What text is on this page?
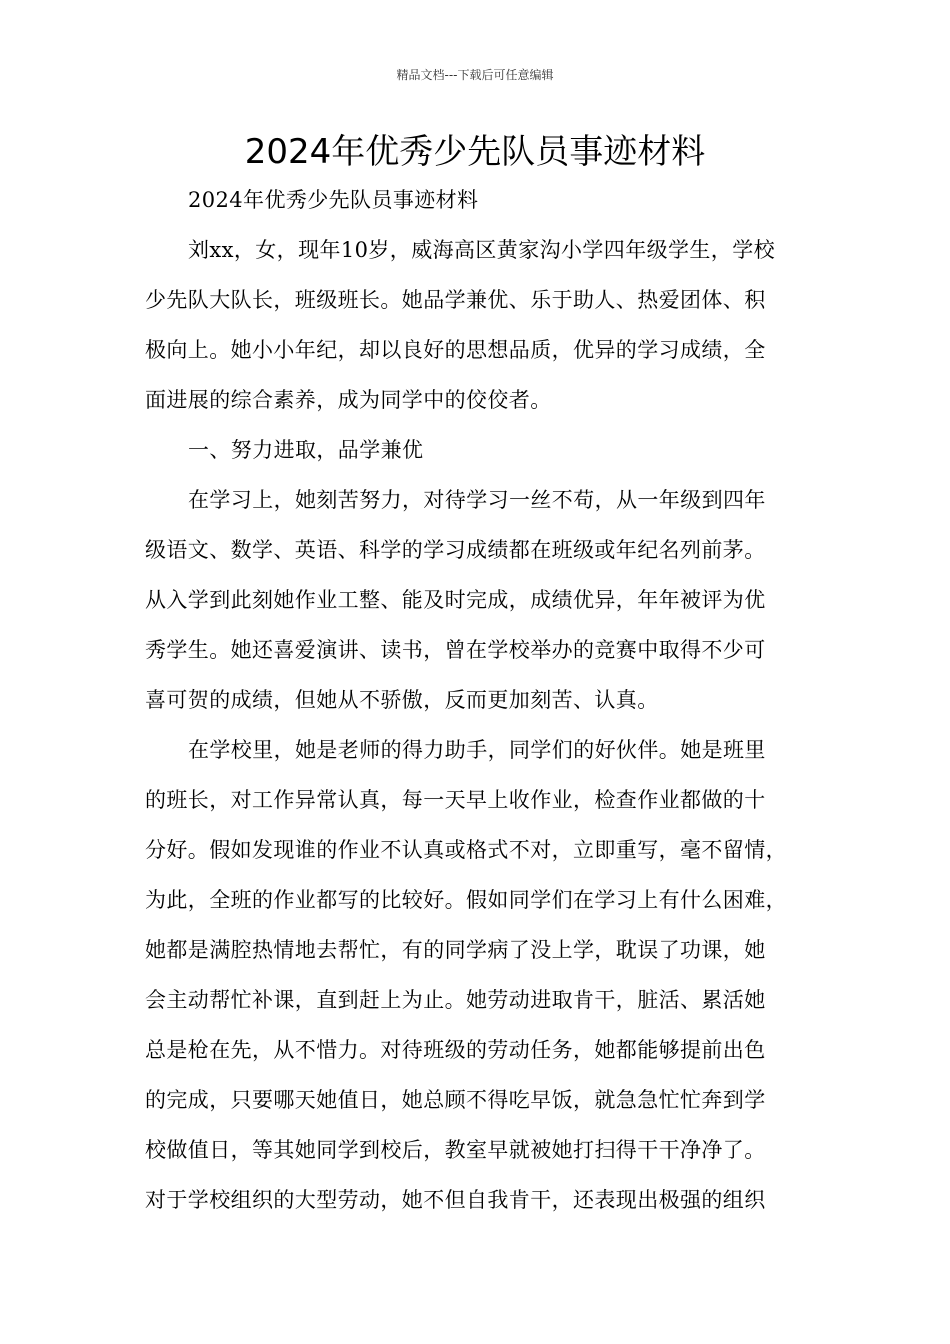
精品文档---下载后可任意编辑
2024年优秀少先队员事迹材料
2024年优秀少先队员事迹材料
刘xx，女，现年10岁，威海高区黄家沟小学四年级学生，学校
少先队大队长，班级班长。她品学兼优、乐于助人、热爱团体、积
极向上。她小小年纪，却以良好的思想品质，优异的学习成绩，全
面进展的综合素养，成为同学中的佼佼者。
一、努力进取，品学兼优
在学习上，她刻苦努力，对待学习一丝不苟，从一年级到四年
级语文、数学、英语、科学的学习成绩都在班级或年纪名列前茅。
从入学到此刻她作业工整、能及时完成，成绩优异，年年被评为优
秀学生。她还喜爱演讲、读书，曾在学校举办的竞赛中取得不少可
喜可贺的成绩，但她从不骄傲，反而更加刻苦、认真。
在学校里，她是老师的得力助手，同学们的好伙伴。她是班里
的班长，对工作异常认真，每一天早上收作业，检查作业都做的十
分好。假如发现谁的作业不认真或格式不对，立即重写，毫不留情，
为此，全班的作业都写的比较好。假如同学们在学习上有什么困难，
她都是满腔热情地去帮忙，有的同学病了没上学，耽误了功课，她
会主动帮忙补课，直到赶上为止。她劳动进取肯干，脏活、累活她
总是枪在先，从不惜力。对待班级的劳动任务，她都能够提前出色
的完成，只要哪天她值日，她总顾不得吃早饭，就急急忙忙奔到学
校做值日，等其她同学到校后，教室早就被她打扫得干干净净了。
对于学校组织的大型劳动，她不但自我肯干，还表现出极强的组织
